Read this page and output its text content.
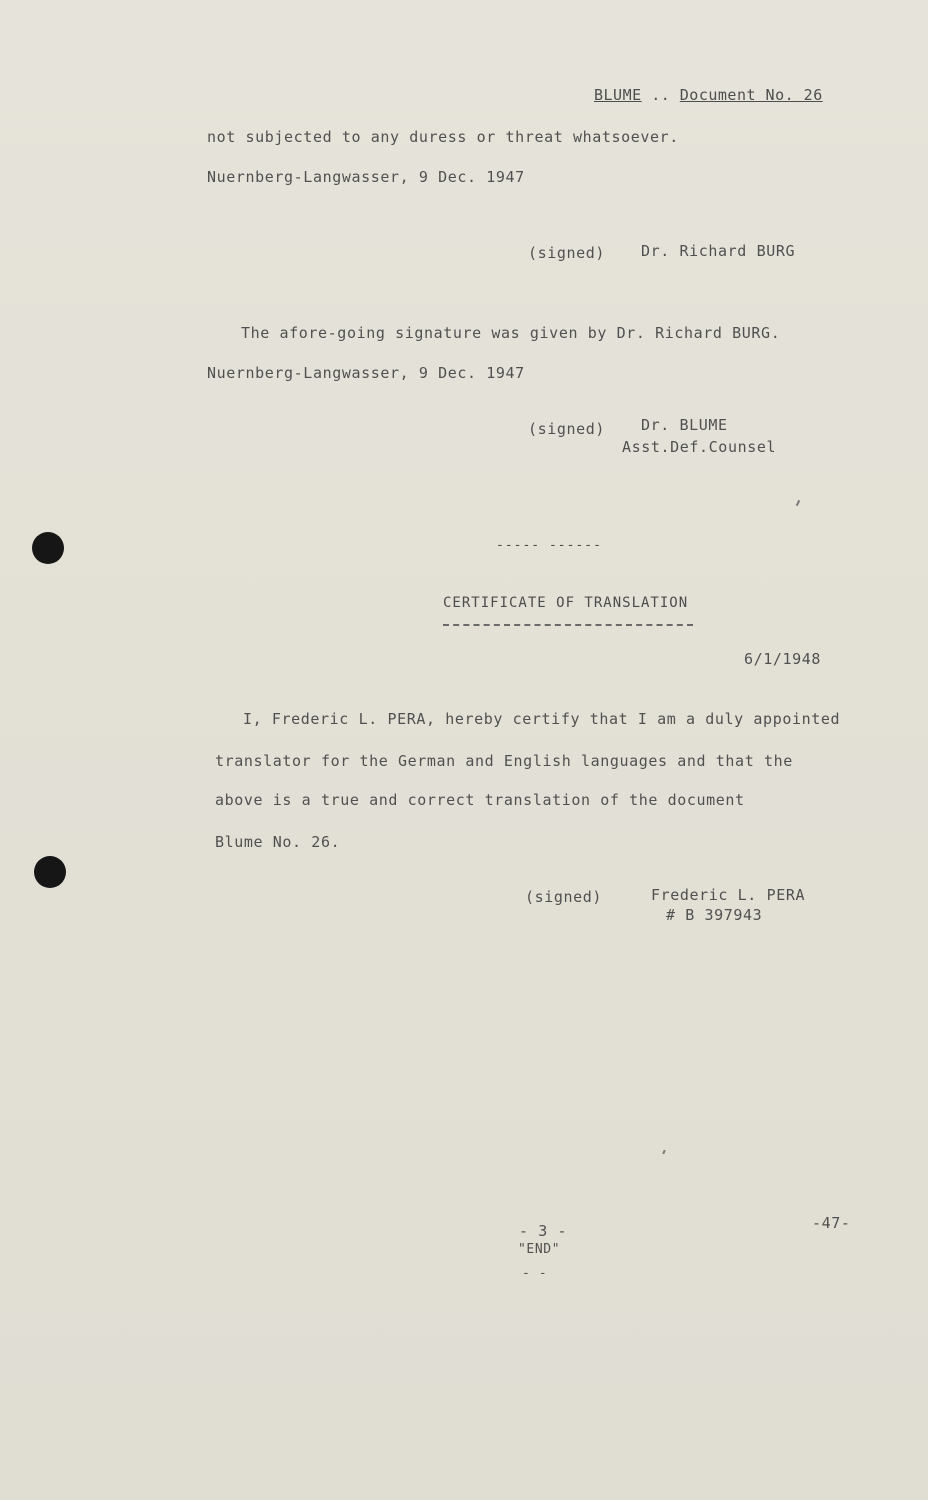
BLUME .. Document No. 26
not subjected to any duress or threat whatsoever.
Nuernberg-Langwasser, 9 Dec. 1947
(signed) Dr. Richard BURG
The afore-going signature was given by Dr. Richard BURG.
Nuernberg-Langwasser, 9 Dec. 1947
(signed) Dr. BLUME
Asst.Def.Counsel
----- ------
CERTIFICATE OF TRANSLATION
6/1/1948
I, Frederic L. PERA, hereby certify that I am a duly appointed
translator for the German and English languages and that the
above is a true and correct translation of the document
Blume No. 26.
(signed)	Frederic L. PERA
# B 397943
- 3 -
"END"
- -
-47-
